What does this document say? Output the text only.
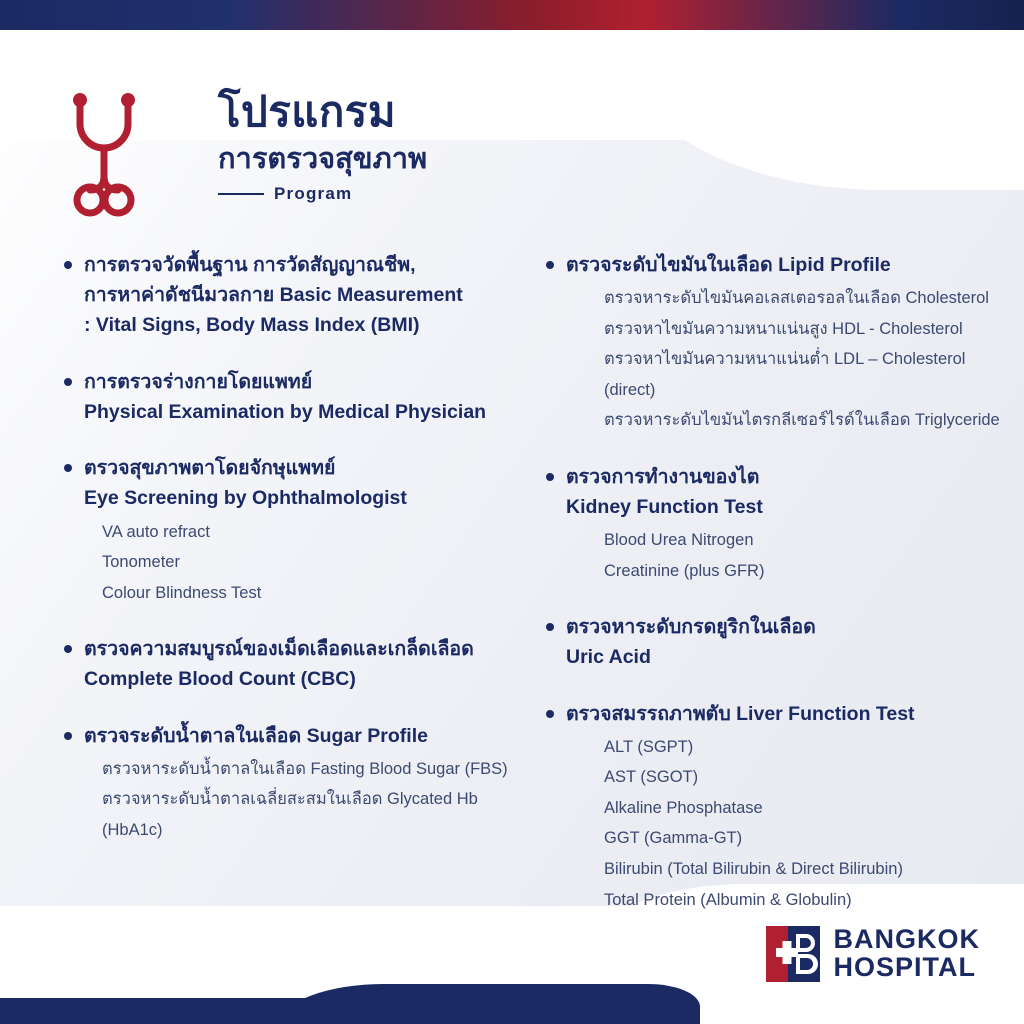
โปรแกรม
การตรวจสุขภาพ
Program
การตรวจวัดพื้นฐาน การวัดสัญญาณชีพ,
การหาค่าดัชนีมวลกาย Basic Measurement
: Vital Signs, Body Mass Index (BMI)
การตรวจร่างกายโดยแพทย์
Physical Examination by Medical Physician
ตรวจสุขภาพตาโดยจักษุแพทย์
Eye Screening by Ophthalmologist
VA auto refract
Tonometer
Colour Blindness Test
ตรวจความสมบูรณ์ของเม็ดเลือดและเกล็ดเลือด
Complete Blood Count (CBC)
ตรวจระดับน้ำตาลในเลือด Sugar Profile
ตรวจหาระดับน้ำตาลในเลือด Fasting Blood Sugar (FBS)
ตรวจหาระดับน้ำตาลเฉลี่ยสะสมในเลือด Glycated Hb (HbA1c)
ตรวจระดับไขมันในเลือด Lipid Profile
ตรวจหาระดับไขมันคอเลสเตอรอลในเลือด Cholesterol
ตรวจหาไขมันความหนาแน่นสูง HDL - Cholesterol
ตรวจหาไขมันความหนาแน่นต่ำ LDL – Cholesterol (direct)
ตรวจหาระดับไขมันไตรกลีเซอร์ไรด์ในเลือด Triglyceride
ตรวจการทำงานของไต
Kidney Function Test
Blood Urea Nitrogen
Creatinine (plus GFR)
ตรวจหาระดับกรดยูริกในเลือด
Uric Acid
ตรวจสมรรถภาพตับ Liver Function Test
ALT (SGPT)
AST (SGOT)
Alkaline Phosphatase
GGT (Gamma-GT)
Bilirubin (Total Bilirubin & Direct Bilirubin)
Total Protein (Albumin & Globulin)
BANGKOK
HOSPITAL
